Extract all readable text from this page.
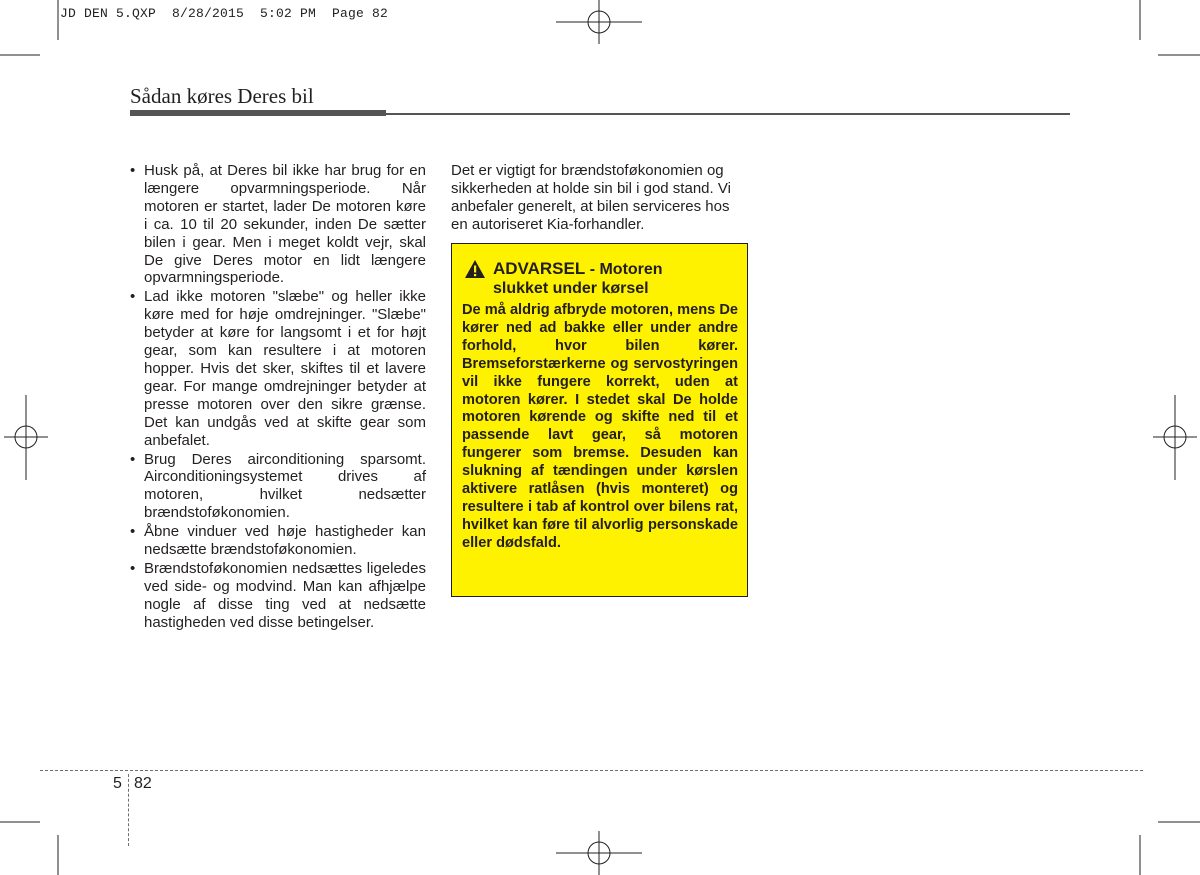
JD DEN 5.QXP  8/28/2015  5:02 PM  Page 82
Sådan køres Deres bil
• Husk på, at Deres bil ikke har brug for en længere opvarmningsperiode. Når motoren er startet, lader De motoren køre i ca. 10 til 20 sekunder, inden De sætter bilen i gear. Men i meget koldt vejr, skal De give Deres motor en lidt længere opvarmningsperiode.
• Lad ikke motoren "slæbe" og heller ikke køre med for høje omdrejninger. "Slæbe" betyder at køre for langsomt i et for højt gear, som kan resultere i at motoren hopper. Hvis det sker, skiftes til et lavere gear. For mange omdrejninger betyder at presse motoren over den sikre grænse. Det kan undgås ved at skifte gear som anbefalet.
• Brug Deres airconditioning sparsomt. Airconditioningsystemet drives af motoren, hvilket nedsætter brændstoføkonomien.
• Åbne vinduer ved høje hastigheder kan nedsætte brændstoføkonomien.
• Brændstoføkonomien nedsættes ligeledes ved side- og modvind. Man kan afhjælpe nogle af disse ting ved at nedsætte hastigheden ved disse betingelser.

Det er vigtigt for brændstoføkonomien og sikkerheden at holde sin bil i god stand. Vi anbefaler generelt, at bilen serviceres hos en autoriseret Kia-forhandler.

ADVARSEL - Motoren
slukket under kørsel

De må aldrig afbryde motoren, mens De kører ned ad bakke eller under andre forhold, hvor bilen kører. Bremseforstærkerne og servostyringen vil ikke fungere korrekt, uden at motoren kører. I stedet skal De holde motoren kørende og skifte ned til et passende lavt gear, så motoren fungerer som bremse. Desuden kan slukning af tændingen under kørslen aktivere ratlåsen (hvis monteret) og resultere i tab af kontrol over bilens rat, hvilket kan føre til alvorlig personskade eller dødsfald.

5 82
